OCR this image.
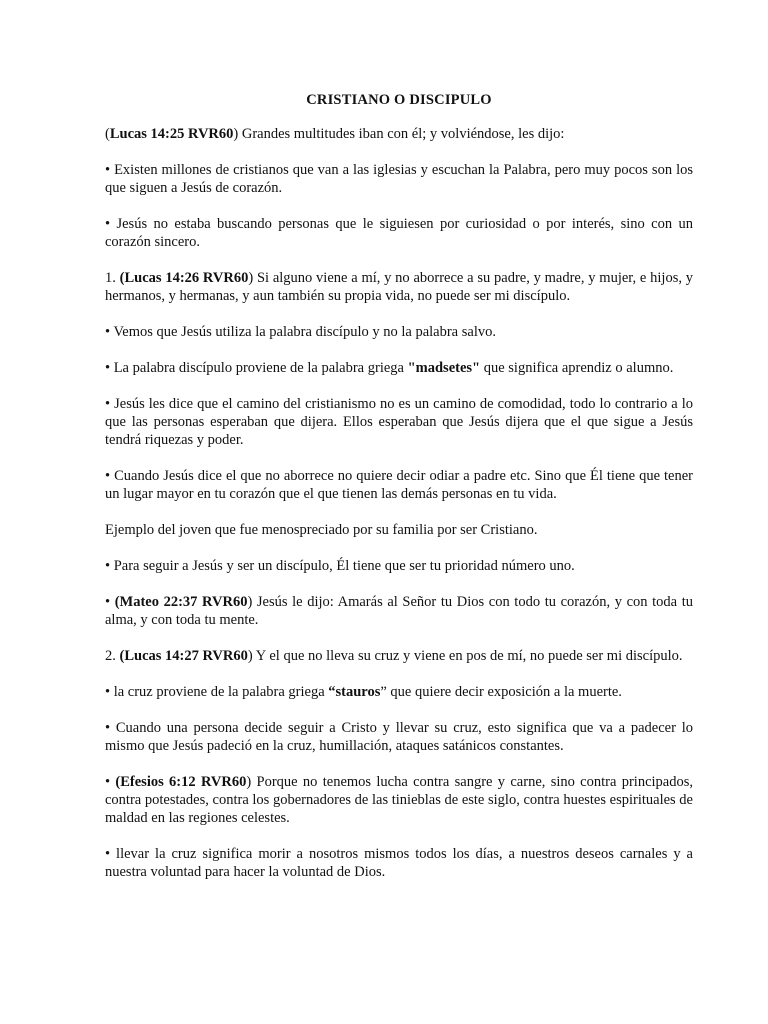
CRISTIANO O DISCIPULO

(Lucas 14:25 RVR60) Grandes multitudes iban con él; y volviéndose, les dijo:

• Existen millones de cristianos que van a las iglesias y escuchan la Palabra, pero muy pocos son los que siguen a Jesús de corazón.

• Jesús no estaba buscando personas que le siguiesen por curiosidad o por interés, sino con un corazón sincero.

1. (Lucas 14:26 RVR60) Si alguno viene a mí, y no aborrece a su padre, y madre, y mujer, e hijos, y hermanos, y hermanas, y aun también su propia vida, no puede ser mi discípulo.

• Vemos que Jesús utiliza la palabra discípulo y no la palabra salvo.

• La palabra discípulo proviene de la palabra griega "madsetes" que significa aprendiz o alumno.

• Jesús les dice que el camino del cristianismo no es un camino de comodidad, todo lo contrario a lo que las personas esperaban que dijera. Ellos esperaban que Jesús dijera que el que sigue a Jesús tendrá riquezas y poder.

• Cuando Jesús dice el que no aborrece no quiere decir odiar a padre etc. Sino que Él tiene que tener un lugar mayor en tu corazón que el que tienen las demás personas en tu vida.

Ejemplo del joven que fue menospreciado por su familia por ser Cristiano.

• Para seguir a Jesús y ser un discípulo, Él tiene que ser tu prioridad número uno.

• (Mateo 22:37 RVR60) Jesús le dijo: Amarás al Señor tu Dios con todo tu corazón, y con toda tu alma, y con toda tu mente.

2. (Lucas 14:27 RVR60) Y el que no lleva su cruz y viene en pos de mí, no puede ser mi discípulo.

• la cruz proviene de la palabra griega “stauros” que quiere decir exposición a la muerte.

• Cuando una persona decide seguir a Cristo y llevar su cruz, esto significa que va a padecer lo mismo que Jesús padeció en la cruz, humillación, ataques satánicos constantes.

• (Efesios 6:12 RVR60) Porque no tenemos lucha contra sangre y carne, sino contra principados, contra potestades, contra los gobernadores de las tinieblas de este siglo, contra huestes espirituales de maldad en las regiones celestes.

• llevar la cruz significa morir a nosotros mismos todos los días, a nuestros deseos carnales y a nuestra voluntad para hacer la voluntad de Dios.
